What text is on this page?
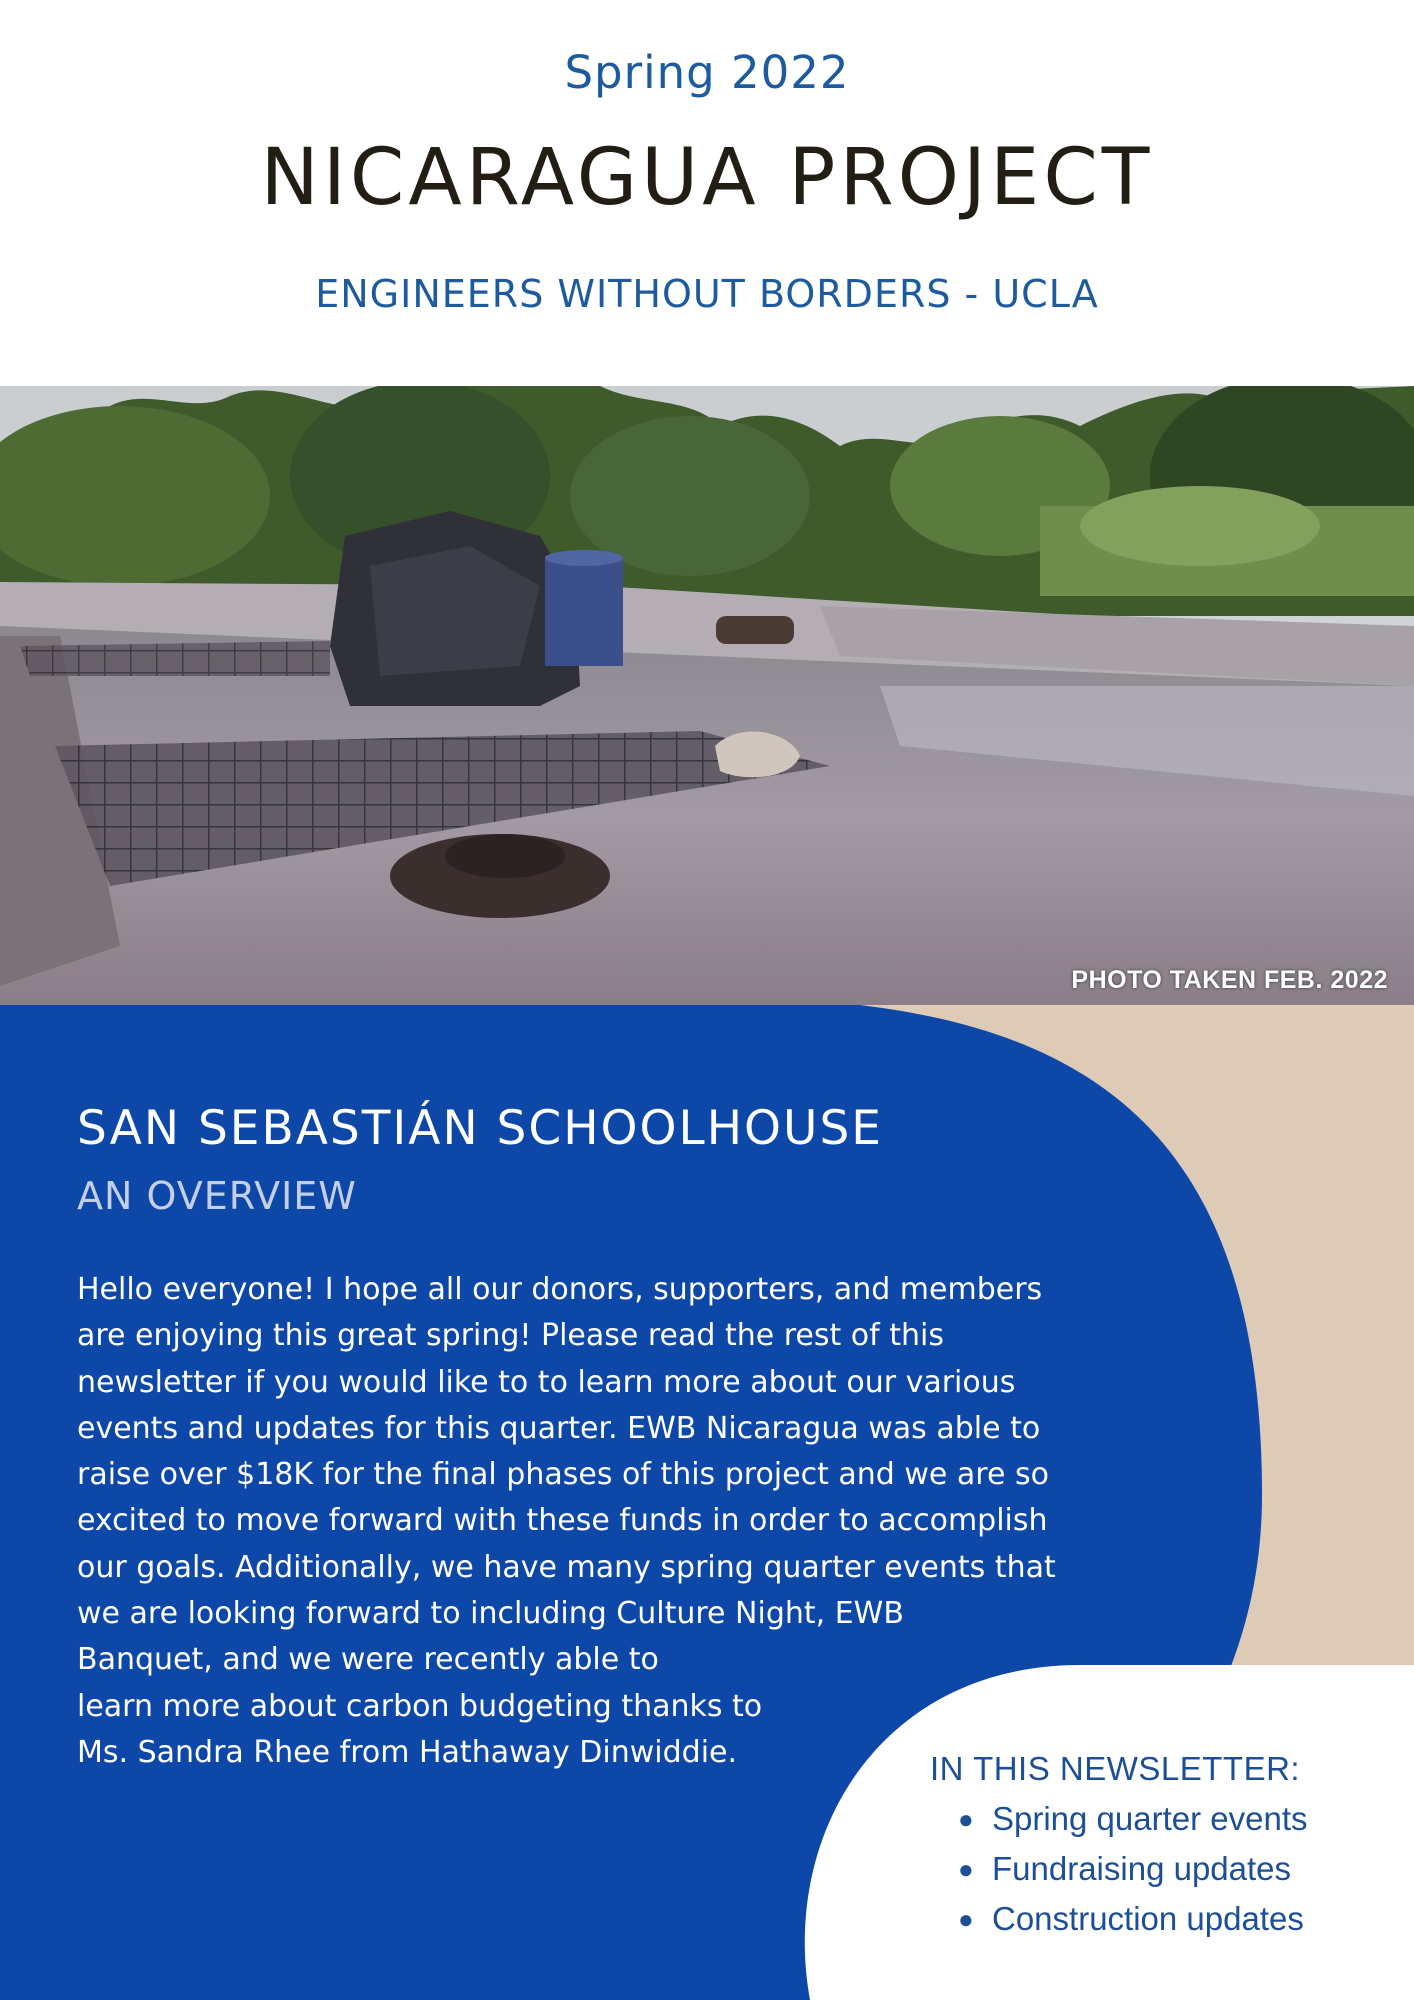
Spring 2022
NICARAGUA PROJECT
ENGINEERS WITHOUT BORDERS - UCLA
PHOTO TAKEN FEB. 2022
SAN SEBASTIÁN SCHOOLHOUSE
AN OVERVIEW

Hello everyone! I hope all our donors, supporters, and members
are enjoying this great spring! Please read the rest of this
newsletter if you would like to to learn more about our various
events and updates for this quarter. EWB Nicaragua was able to
raise over $18K for the final phases of this project and we are so
excited to move forward with these funds in order to accomplish
our goals. Additionally, we have many spring quarter events that
we are looking forward to including Culture Night, EWB
Banquet, and we were recently able to
learn more about carbon budgeting thanks to
Ms. Sandra Rhee from Hathaway Dinwiddie.	IN THIS NEWSLETTER:
● Spring quarter events
● Fundraising updates
● Construction updates
